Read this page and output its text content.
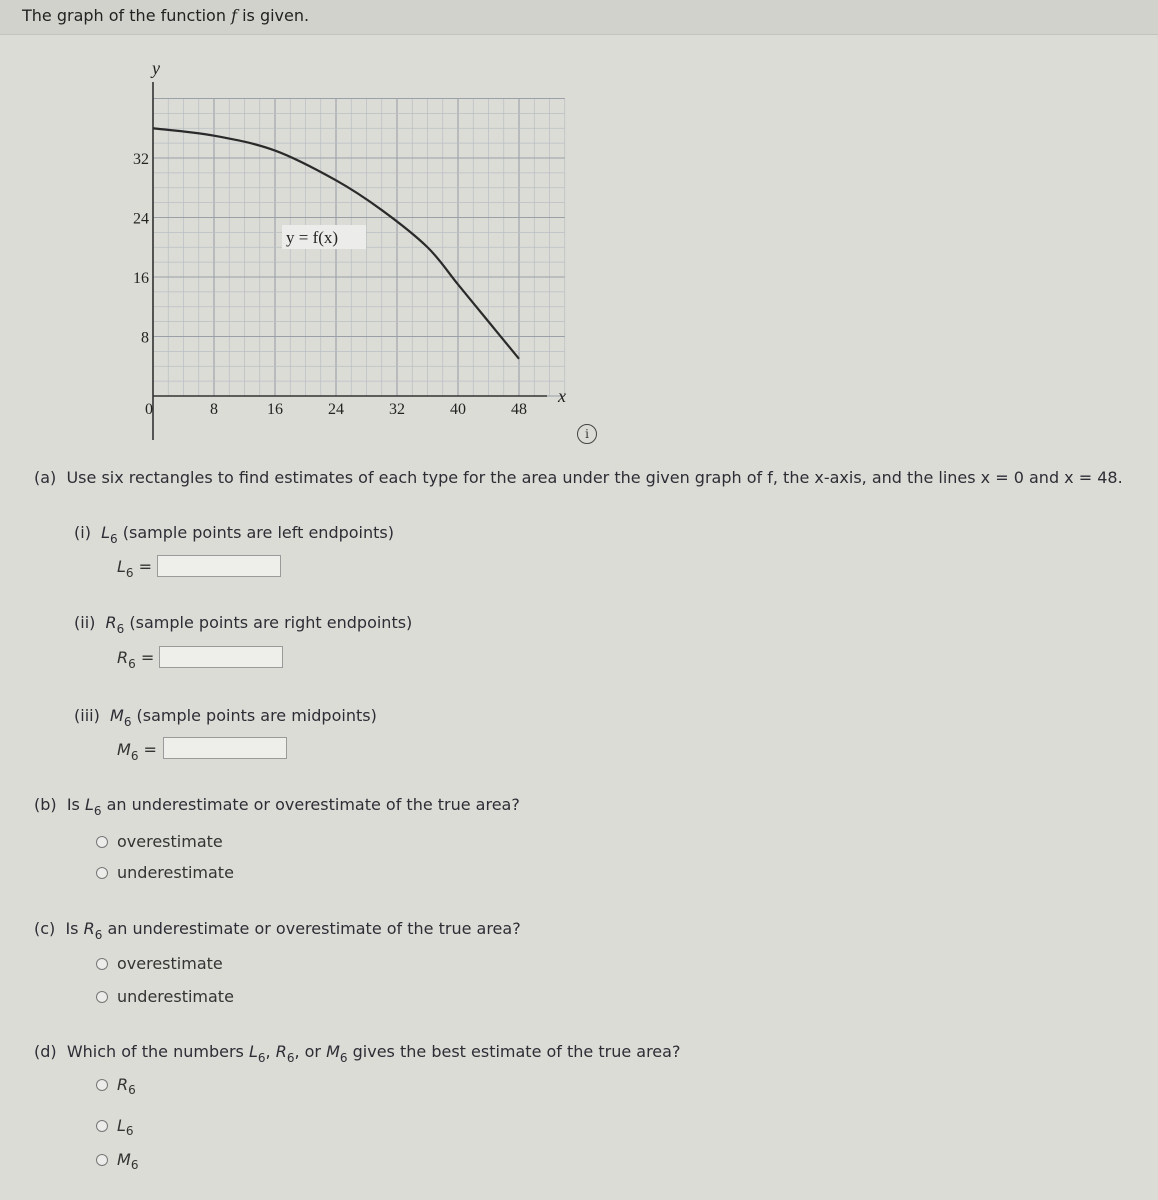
The graph of the function f is given.
y
x
32
24
16
8
0	8	16	24	32	40	48
y = f(x)
i
(a) Use six rectangles to find estimates of each type for the area under the given graph of f, the x-axis, and the lines x = 0 and x = 48.
(i) $L_6$ (sample points are left endpoints)
$L_6$ =
(ii) $R_6$ (sample points are right endpoints)
$R_6$ =
(iii) $M_6$ (sample points are midpoints)
$M_6$ =
(b) Is $L_6$ an underestimate or overestimate of the true area?
overestimate
underestimate
(c) Is $R_6$ an underestimate or overestimate of the true area?
overestimate
underestimate
(d) Which of the numbers $L_6$, $R_6$, or $M_6$ gives the best estimate of the true area?
R 6
L 6
M 6
